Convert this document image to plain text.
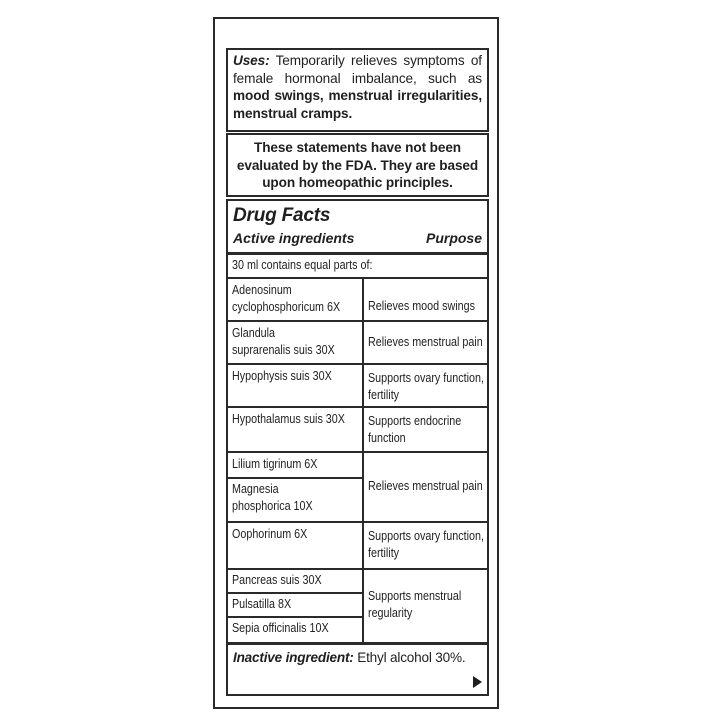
Uses: Temporarily relieves symptoms of female hormonal imbalance, such as mood swings, menstrual irregularities, menstrual cramps.
These statements have not been evaluated by the FDA. They are based upon homeopathic principles.
Drug Facts
Active ingredients	Purpose
30 ml contains equal parts of:
Adenosinum
cyclophosphoricum 6X
Glandula
suprarenalis suis 30X
Hypophysis suis 30X
Hypothalamus suis 30X
Lilium tigrinum 6X
Magnesia
phosphorica 10X
Oophorinum 6X
Pancreas suis 30X
Pulsatilla 8X
Sepia officinalis 10X
Relieves mood swings
Relieves menstrual pain
Supports ovary function,
fertility
Supports endocrine
function
Relieves menstrual pain
Supports ovary function,
fertility
Supports menstrual
regularity
Inactive ingredient: Ethyl alcohol 30%.
